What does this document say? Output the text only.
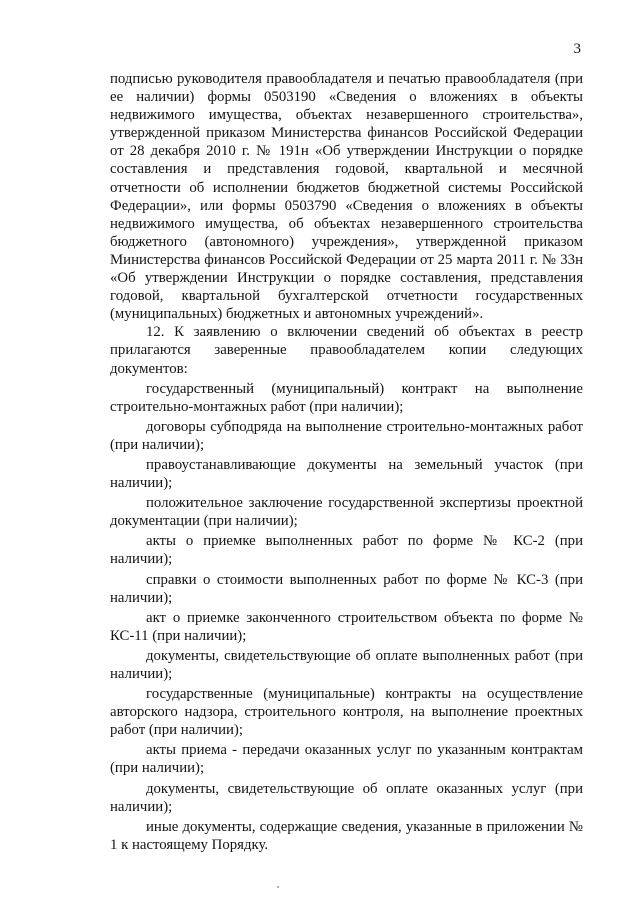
3

подписью руководителя правообладателя и печатью правообладателя (при ее наличии) формы 0503190 «Сведения о вложениях в объекты недвижимого имущества, объектах незавершенного строительства», утвержденной приказом Министерства финансов Российской Федерации от 28 декабря 2010 г. № 191н «Об утверждении Инструкции о порядке составления и представления годовой, квартальной и месячной отчетности об исполнении бюджетов бюджетной системы Российской Федерации», или формы 0503790 «Сведения о вложениях в объекты недвижимого имущества, об объектах незавершенного строительства бюджетного (автономного) учреждения», утвержденной приказом Министерства финансов Российской Федерации от 25 марта 2011 г. № 33н «Об утверждении Инструкции о порядке составления, представления годовой, квартальной бухгалтерской отчетности государственных (муниципальных) бюджетных и автономных учреждений».

12. К заявлению о включении сведений об объектах в реестр прилагаются заверенные правообладателем копии следующих документов:

государственный (муниципальный) контракт на выполнение строительно-монтажных работ (при наличии);

договоры субподряда на выполнение строительно-монтажных работ (при наличии);

правоустанавливающие документы на земельный участок (при наличии);

положительное заключение государственной экспертизы проектной документации (при наличии);

акты о приемке выполненных работ по форме № КС-2 (при наличии);

справки о стоимости выполненных работ по форме № КС-3 (при наличии);

акт о приемке законченного строительством объекта по форме № КС-11 (при наличии);

документы, свидетельствующие об оплате выполненных работ (при наличии);

государственные (муниципальные) контракты на осуществление авторского надзора, строительного контроля, на выполнение проектных работ (при наличии);

акты приема - передачи оказанных услуг по указанным контрактам (при наличии);

документы, свидетельствующие об оплате оказанных услуг (при наличии);

иные документы, содержащие сведения, указанные в приложении № 1 к настоящему Порядку.
